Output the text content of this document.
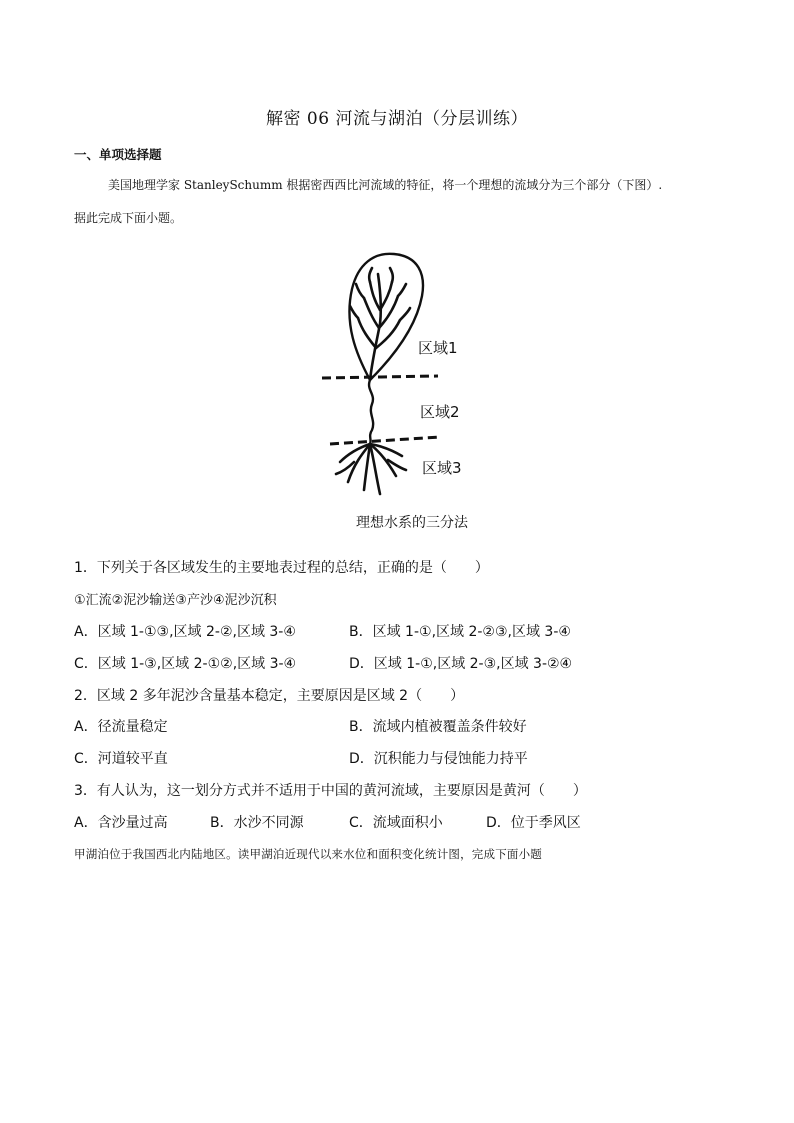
解密 06 河流与湖泊（分层训练）
一、单项选择题
美国地理学家 StanleySchumm 根据密西西比河流域的特征，将一个理想的流域分为三个部分（下图）.
据此完成下面小题。
区域1
区域2
区域3
理想水系的三分法
1．下列关于各区域发生的主要地表过程的总结，正确的是（　　）
①汇流②泥沙输送③产沙④泥沙沉积
A．区域 1-①③,区域 2-②,区域 3-④	B．区域 1-①,区域 2-②③,区域 3-④
C．区域 1-③,区域 2-①②,区域 3-④	D．区域 1-①,区域 2-③,区域 3-②④
2．区域 2 多年泥沙含量基本稳定，主要原因是区域 2（　　）
A．径流量稳定	B．流域内植被覆盖条件较好
C．河道较平直	D．沉积能力与侵蚀能力持平
3．有人认为，这一划分方式并不适用于中国的黄河流域，主要原因是黄河（　　）
A．含沙量过高	B．水沙不同源	C．流域面积小	D．位于季风区
甲湖泊位于我国西北内陆地区。读甲湖泊近现代以来水位和面积变化统计图，完成下面小题
